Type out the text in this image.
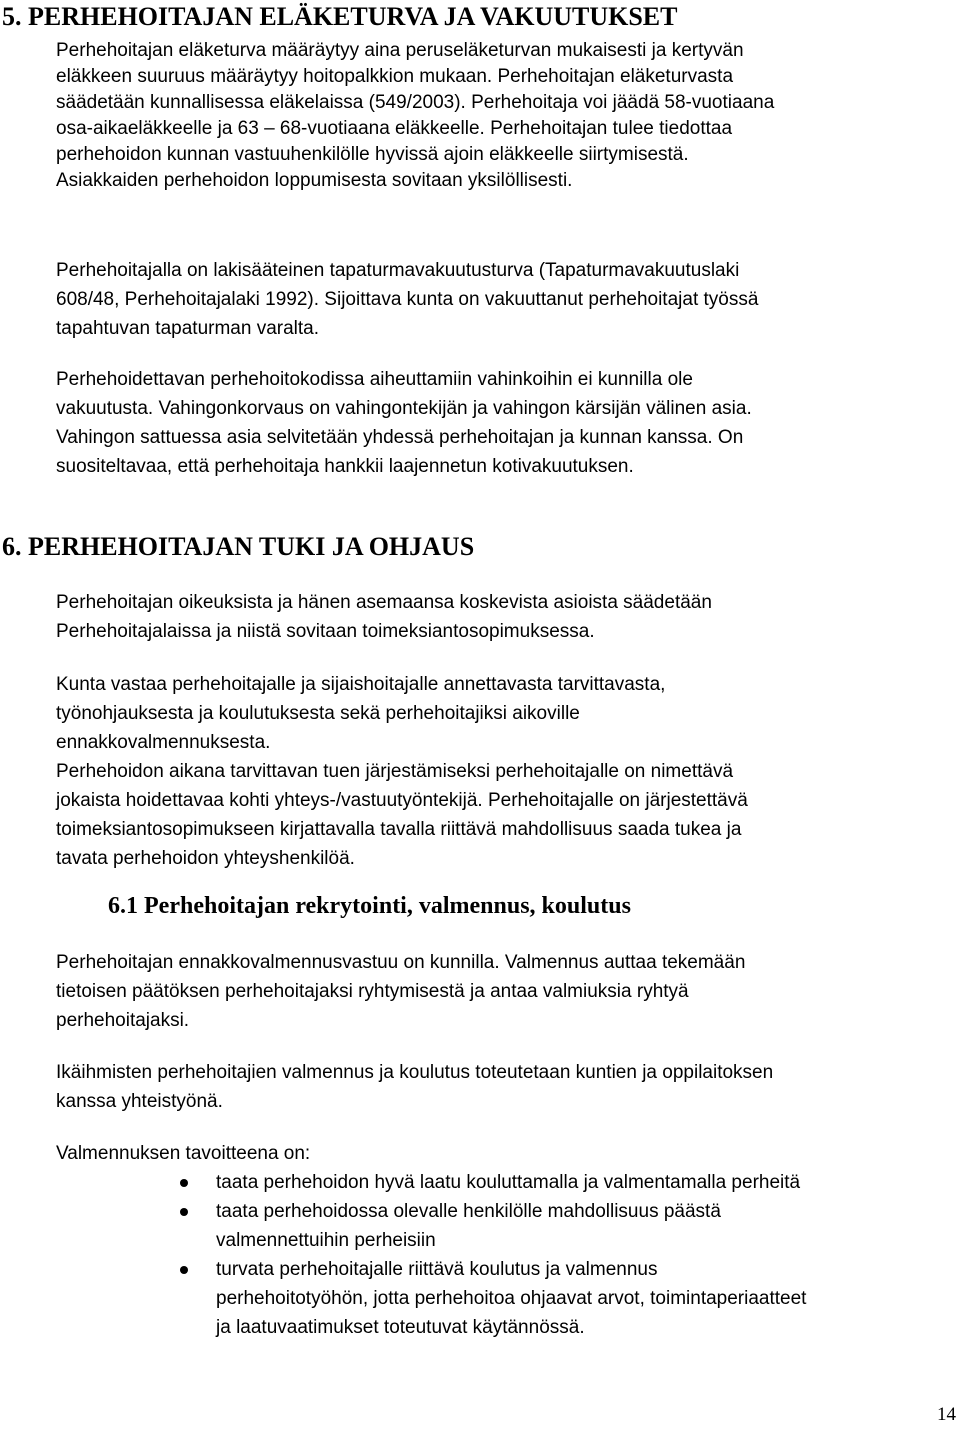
5. PERHEHOITAJAN ELÄKETURVA JA VAKUUTUKSET

Perhehoitajan eläketurva määräytyy aina peruseläketurvan mukaisesti ja kertyvän
eläkkeen suuruus määräytyy hoitopalkkion mukaan. Perhehoitajan eläketurvasta
säädetään kunnallisessa eläkelaissa (549/2003). Perhehoitaja voi jäädä 58-vuotiaana
osa-aikaeläkkeelle ja 63 – 68-vuotiaana eläkkeelle. Perhehoitajan tulee tiedottaa
perhehoidon kunnan vastuuhenkilölle hyvissä ajoin eläkkeelle siirtymisestä.
Asiakkaiden perhehoidon loppumisesta sovitaan yksilöllisesti.

Perhehoitajalla on lakisääteinen tapaturmavakuutusturva (Tapaturmavakuutuslaki
608/48, Perhehoitajalaki 1992). Sijoittava kunta on vakuuttanut perhehoitajat työssä
tapahtuvan tapaturman varalta.

Perhehoidettavan perhehoitokodissa aiheuttamiin vahinkoihin ei kunnilla ole
vakuutusta. Vahingonkorvaus on vahingontekijän ja vahingon kärsijän välinen asia.
Vahingon sattuessa asia selvitetään yhdessä perhehoitajan ja kunnan kanssa. On
suositeltavaa, että perhehoitaja hankkii laajennetun kotivakuutuksen.

6. PERHEHOITAJAN TUKI JA OHJAUS

Perhehoitajan oikeuksista ja hänen asemaansa koskevista asioista säädetään
Perhehoitajalaissa ja niistä sovitaan toimeksiantosopimuksessa.

Kunta vastaa perhehoitajalle ja sijaishoitajalle annettavasta tarvittavasta,
työnohjauksesta ja koulutuksesta sekä perhehoitajiksi aikoville
ennakkovalmennuksesta.
Perhehoidon aikana tarvittavan tuen järjestämiseksi perhehoitajalle on nimettävä
jokaista hoidettavaa kohti yhteys-/vastuutyöntekijä. Perhehoitajalle on järjestettävä
toimeksiantosopimukseen kirjattavalla tavalla riittävä mahdollisuus saada tukea ja
tavata perhehoidon yhteyshenkilöä.

6.1 Perhehoitajan rekrytointi, valmennus, koulutus

Perhehoitajan ennakkovalmennusvastuu on kunnilla. Valmennus auttaa tekemään
tietoisen päätöksen perhehoitajaksi ryhtymisestä ja antaa valmiuksia ryhtyä
perhehoitajaksi.

Ikäihmisten perhehoitajien valmennus ja koulutus toteutetaan kuntien ja oppilaitoksen
kanssa yhteistyönä.

Valmennuksen tavoitteena on:

taata perhehoidon hyvä laatu kouluttamalla ja valmentamalla perheitä
taata perhehoidossa olevalle henkilölle mahdollisuus päästä
valmennettuihin perheisiin
turvata perhehoitajalle riittävä koulutus ja valmennus
perhehoitotyöhön, jotta perhehoitoa ohjaavat arvot, toimintaperiaatteet
ja laatuvaatimukset toteutuvat käytännössä.
14
